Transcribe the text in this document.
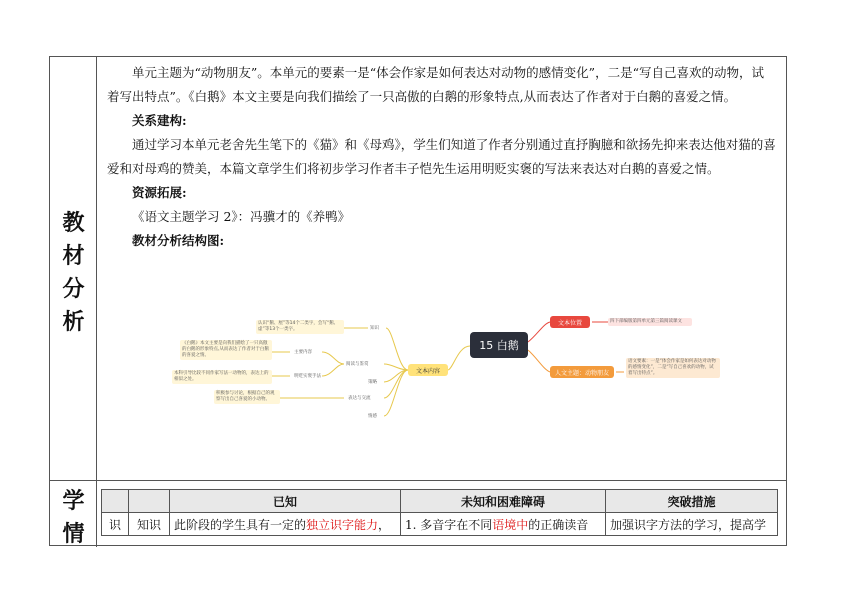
教
材
分
析

单元主题为“动物朋友”。本单元的要素一是“体会作家是如何表达对动物的感情变化”，二是“写自己喜欢的动物，试着写出特点”。《白鹅》本文主要是向我们描绘了一只高傲的白鹅的形象特点,从而表达了作者对于白鹅的喜爱之情。

关系建构:

通过学习本单元老舍先生笔下的《猫》和《母鸡》，学生们知道了作者分别通过直抒胸臆和欲扬先抑来表达他对猫的喜爱和对母鸡的赞美，本篇文章学生们将初步学习作者丰子恺先生运用明贬实褒的写法来表达对白鹅的喜爱之情。

资源拓展:

《语文主题学习 2》：冯骥才的《养鸭》

教材分析结构图:

学
情
		已知	未知和困难障碍	突破措施
识	知识	此阶段的学生具有一定的独立识字能力，	1. 多音字在不同语境中的正确读音	加强识字方法的学习，提高学
15 白鹅
文本位置	四下部编版第四单元第三篇阅读课文
人文主题：动物朋友
语文要素：一是“体会作家是如何表达对动物的感情变化”，二是“写自己喜欢的动物，试着写出特点”。
文本内容
知识
阅读与鉴赏
策略
表达与交流
情感
认识“鹅、厘”等14个二类字，会写“鹅、虚”等13个一类字。
主要内容
《白鹅》本文主要是向我们描绘了一只高傲的白鹅的形象特点,从而表达了作者对于白鹅的喜爱之情。
明贬实褒手法
本科引导比较不同作家写法一动物的，表达上的相似之处。
积极参与讨论，根据自己的观察写出自己喜爱的小动物。
